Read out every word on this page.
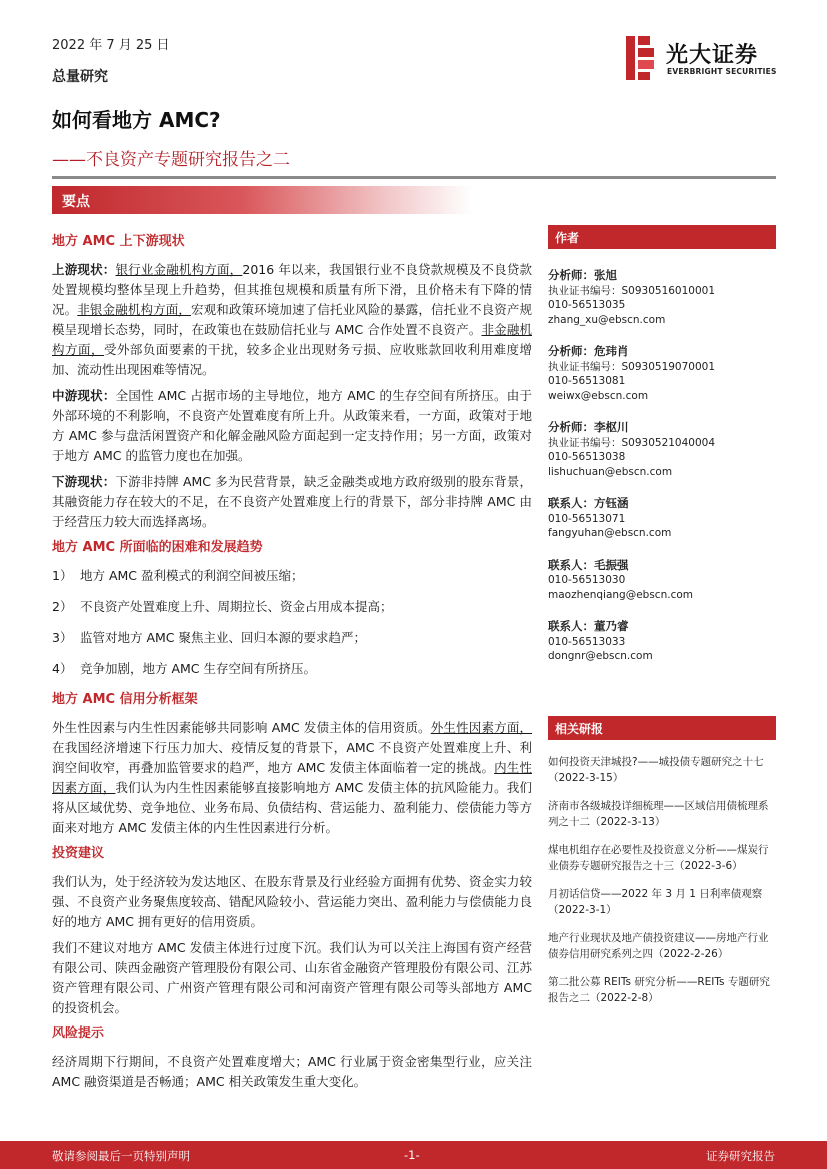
2022 年 7 月 25 日
总量研究
光大证券
EVERBRIGHT SECURITIES
如何看地方 AMC?
——不良资产专题研究报告之二
要点
地方 AMC 上下游现状

上游现状：银行业金融机构方面，2016 年以来，我国银行业不良贷款规模及不良贷款处置规模均整体呈现上升趋势，但其推包规模和质量有所下滑，且价格未有下降的情况。非银金融机构方面，宏观和政策环境加速了信托业风险的暴露，信托业不良资产规模呈现增长态势，同时，在政策也在鼓励信托业与 AMC 合作处置不良资产。非金融机构方面，受外部负面要素的干扰，较多企业出现财务亏损、应收账款回收利用难度增加、流动性出现困难等情况。

中游现状：全国性 AMC 占据市场的主导地位，地方 AMC 的生存空间有所挤压。由于外部环境的不利影响，不良资产处置难度有所上升。从政策来看，一方面，政策对于地方 AMC 参与盘活闲置资产和化解金融风险方面起到一定支持作用；另一方面，政策对于地方 AMC 的监管力度也在加强。

下游现状：下游非持牌 AMC 多为民营背景，缺乏金融类或地方政府级别的股东背景，其融资能力存在较大的不足，在不良资产处置难度上行的背景下，部分非持牌 AMC 由于经营压力较大而选择离场。

地方 AMC 所面临的困难和发展趋势
1） 地方 AMC 盈利模式的利润空间被压缩；
2） 不良资产处置难度上升、周期拉长、资金占用成本提高；
3） 监管对地方 AMC 聚焦主业、回归本源的要求趋严；
4） 竞争加剧，地方 AMC 生存空间有所挤压。
地方 AMC 信用分析框架

外生性因素与内生性因素能够共同影响 AMC 发债主体的信用资质。外生性因素方面，在我国经济增速下行压力加大、疫情反复的背景下，AMC 不良资产处置难度上升、利润空间收窄，再叠加监管要求的趋严，地方 AMC 发债主体面临着一定的挑战。内生性因素方面，我们认为内生性因素能够直接影响地方 AMC 发债主体的抗风险能力。我们将从区域优势、竞争地位、业务布局、负债结构、营运能力、盈利能力、偿债能力等方面来对地方 AMC 发债主体的内生性因素进行分析。

投资建议

我们认为，处于经济较为发达地区、在股东背景及行业经验方面拥有优势、资金实力较强、不良资产业务聚焦度较高、错配风险较小、营运能力突出、盈利能力与偿债能力良好的地方 AMC 拥有更好的信用资质。

我们不建议对地方 AMC 发债主体进行过度下沉。我们认为可以关注上海国有资产经营有限公司、陕西金融资产管理股份有限公司、山东省金融资产管理股份有限公司、江苏资产管理有限公司、广州资产管理有限公司和河南资产管理有限公司等头部地方 AMC 的投资机会。

风险提示

经济周期下行期间，不良资产处置难度增大；AMC 行业属于资金密集型行业，应关注 AMC 融资渠道是否畅通；AMC 相关政策发生重大变化。

作者
分析师：张旭
执业证书编号：S0930516010001
010-56513035
zhang_xu@ebscn.com
分析师：危玮肖
执业证书编号：S0930519070001
010-56513081
weiwx@ebscn.com
分析师：李枢川
执业证书编号：S0930521040004
010-56513038
lishuchuan@ebscn.com
联系人：方钰涵
010-56513071
fangyuhan@ebscn.com
联系人：毛振强
010-56513030
maozhenqiang@ebscn.com
联系人：董乃睿
010-56513033
dongnr@ebscn.com
相关研报
如何投资天津城投?——城投债专题研究之十七（2022-3-15）
济南市各级城投详细梳理——区域信用债梳理系列之十二（2022-3-13）
煤电机组存在必要性及投资意义分析——煤炭行业债券专题研究报告之十三（2022-3-6）
月初话信贷——2022 年 3 月 1 日利率债观察（2022-3-1）
地产行业现状及地产债投资建议——房地产行业债券信用研究系列之四（2022-2-26）
第二批公募 REITs 研究分析——REITs 专题研究报告之二（2022-2-8）
敬请参阅最后一页特别声明	-1-	证券研究报告
